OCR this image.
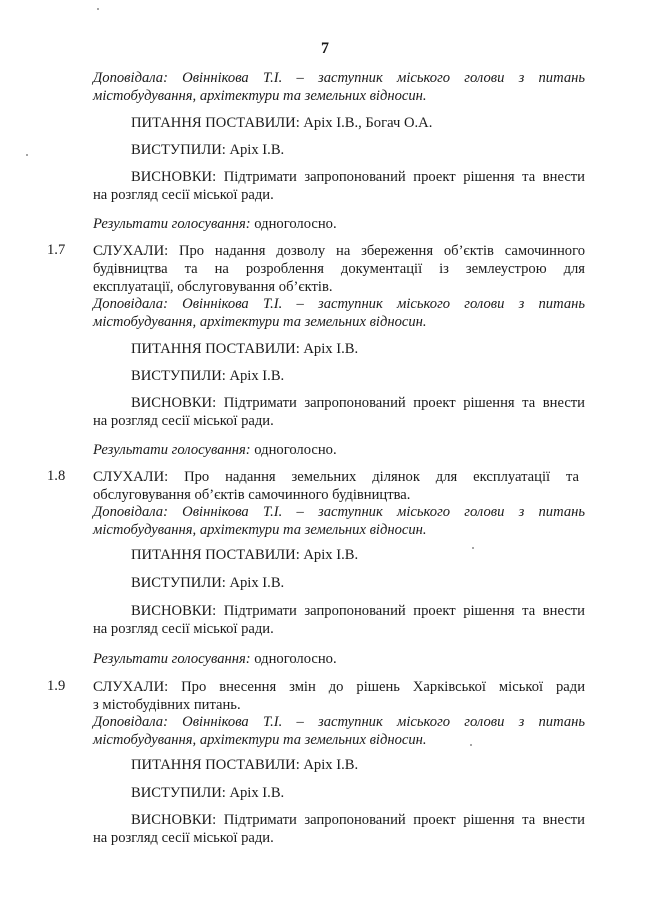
7
Доповідала: Овіннікова Т.І. – заступник міського голови з питань
містобудування, архітектури та земельних відносин.
ПИТАННЯ ПОСТАВИЛИ: Аріх І.В., Богач О.А.
ВИСТУПИЛИ: Аріх І.В.
ВИСНОВКИ: Підтримати запропонований проект рішення та внести
на розгляд сесії міської ради.
Результати голосування: одноголосно.
1.7 СЛУХАЛИ: Про надання дозволу на збереження об’єктів самочинного
будівництва та на розроблення документації із землеустрою для
експлуатації, обслуговування об’єктів.
Доповідала: Овіннікова Т.І. – заступник міського голови з питань
містобудування, архітектури та земельних відносин.
ПИТАННЯ ПОСТАВИЛИ: Аріх І.В.
ВИСТУПИЛИ: Аріх І.В.
ВИСНОВКИ: Підтримати запропонований проект рішення та внести
на розгляд сесії міської ради.
Результати голосування: одноголосно.
1.8 СЛУХАЛИ: Про надання земельних ділянок для експлуатації та
обслуговування об’єктів самочинного будівництва.
Доповідала: Овіннікова Т.І. – заступник міського голови з питань
містобудування, архітектури та земельних відносин.
ПИТАННЯ ПОСТАВИЛИ: Аріх І.В.
ВИСТУПИЛИ: Аріх І.В.
ВИСНОВКИ: Підтримати запропонований проект рішення та внести
на розгляд сесії міської ради.
Результати голосування: одноголосно.
1.9 СЛУХАЛИ: Про внесення змін до рішень Харківської міської ради
з містобудівних питань.
Доповідала: Овіннікова Т.І. – заступник міського голови з питань
містобудування, архітектури та земельних відносин.
ПИТАННЯ ПОСТАВИЛИ: Аріх І.В.
ВИСТУПИЛИ: Аріх І.В.
ВИСНОВКИ: Підтримати запропонований проект рішення та внести
на розгляд сесії міської ради.
